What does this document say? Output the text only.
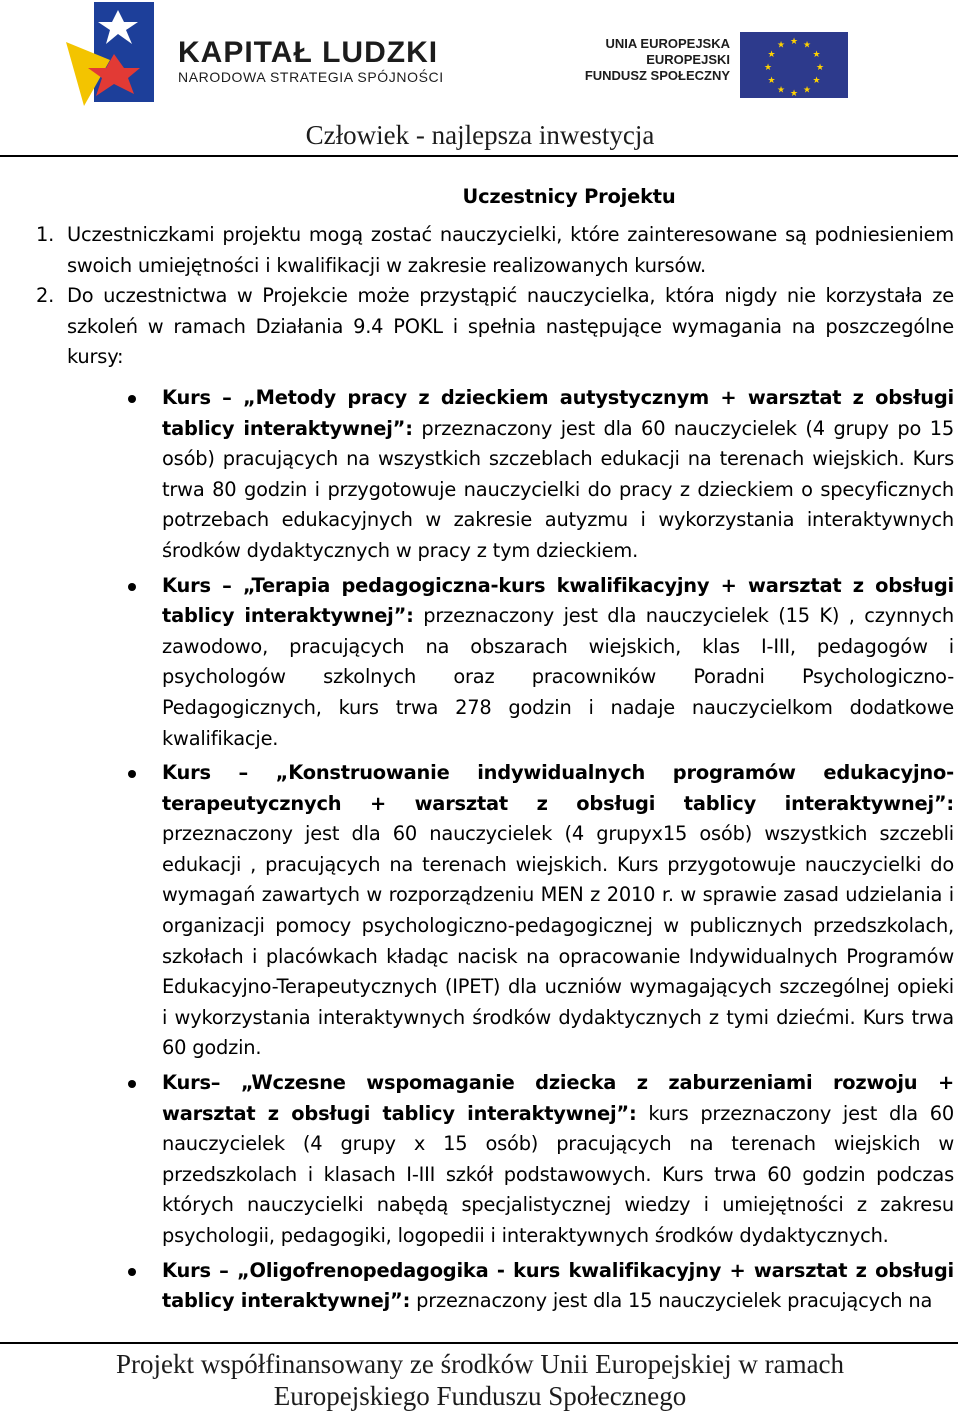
KAPITAŁ LUDZKI
NARODOWA STRATEGIA SPÓJNOŚCI
UNIA EUROPEJSKA
EUROPEJSKI
FUNDUSZ SPOŁECZNY
★ ★
★
★
★
★
★
★
★
★
★
★
Człowiek - najlepsza inwestycja
Uczestnicy Projektu
1. Uczestniczkami projektu mogą zostać nauczycielki, które zainteresowane są podniesieniem swoich umiejętności i kwalifikacji w zakresie realizowanych kursów.
2. Do uczestnictwa w Projekcie może przystąpić nauczycielka, która nigdy nie korzystała ze szkoleń w ramach Działania 9.4 POKL i spełnia następujące wymagania na poszczególne kursy:
Kurs – „Metody pracy z dzieckiem autystycznym + warsztat z obsługi tablicy interaktywnej”: przeznaczony jest dla 60 nauczycielek (4 grupy po 15 osób) pracujących na wszystkich szczeblach edukacji na terenach wiejskich. Kurs trwa 80 godzin i przygotowuje nauczycielki do pracy z dzieckiem o specyficznych potrzebach edukacyjnych w zakresie autyzmu i wykorzystania interaktywnych środków dydaktycznych w pracy z tym dzieckiem.
Kurs – „Terapia pedagogiczna-kurs kwalifikacyjny + warsztat z obsługi tablicy interaktywnej”: przeznaczony jest dla nauczycielek (15 K) , czynnych zawodowo, pracujących na obszarach wiejskich, klas I-III, pedagogów i psychologów szkolnych oraz pracowników Poradni Psychologiczno-Pedagogicznych, kurs trwa 278 godzin i nadaje nauczycielkom dodatkowe kwalifikacje.
Kurs – „Konstruowanie indywidualnych programów edukacyjno-terapeutycznych + warsztat z obsługi tablicy interaktywnej”: przeznaczony jest dla 60 nauczycielek (4 grupyx15 osób) wszystkich szczebli edukacji , pracujących na terenach wiejskich. Kurs przygotowuje nauczycielki do wymagań zawartych w rozporządzeniu MEN z 2010 r. w sprawie zasad udzielania i organizacji pomocy psychologiczno-pedagogicznej w publicznych przedszkolach, szkołach i placówkach kładąc nacisk na opracowanie Indywidualnych Programów Edukacyjno-Terapeutycznych (IPET) dla uczniów wymagających szczególnej opieki i wykorzystania interaktywnych środków dydaktycznych z tymi dziećmi. Kurs trwa 60 godzin.
Kurs– „Wczesne wspomaganie dziecka z zaburzeniami rozwoju + warsztat z obsługi tablicy interaktywnej”: kurs przeznaczony jest dla 60 nauczycielek (4 grupy x 15 osób) pracujących na terenach wiejskich w przedszkolach i klasach I-III szkół podstawowych. Kurs trwa 60 godzin podczas których nauczycielki nabędą specjalistycznej wiedzy i umiejętności z zakresu psychologii, pedagogiki, logopedii i interaktywnych środków dydaktycznych.
Kurs – „Oligofrenopedagogika - kurs kwalifikacyjny + warsztat z obsługi tablicy interaktywnej”: przeznaczony jest dla 15 nauczycielek pracujących na
Projekt współfinansowany ze środków Unii Europejskiej w ramach
Europejskiego Funduszu Społecznego
